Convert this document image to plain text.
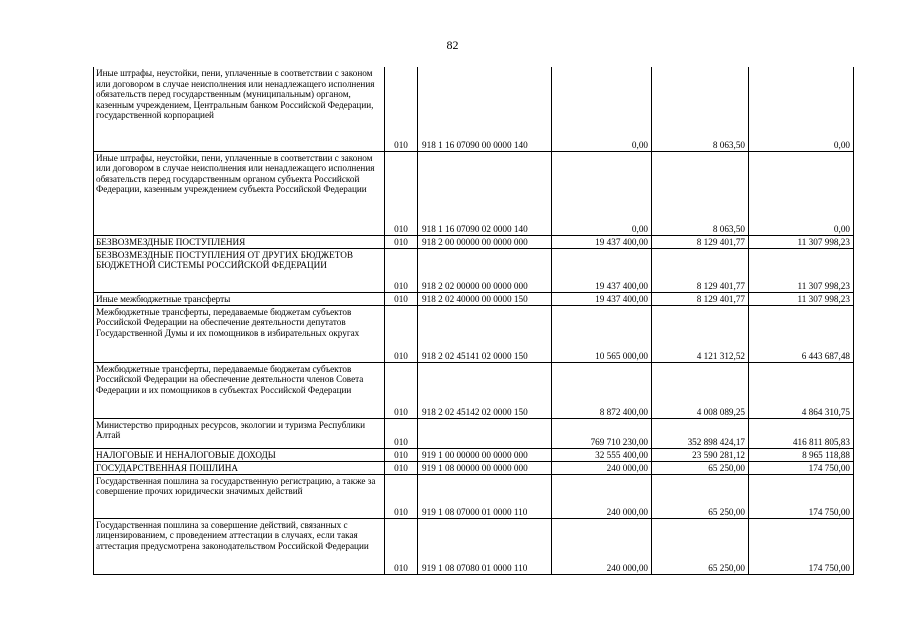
82
Иные штрафы, неустойки, пени, уплаченные в соответствии с законом или договором в случае неисполнения или ненадлежащего исполнения обязательств перед государственным (муниципальным) органом, казенным учреждением, Центральным банком Российской Федерации, государственной корпорацией	010	918 1 16 07090 00 0000 140	0,00	8 063,50	0,00
Иные штрафы, неустойки, пени, уплаченные в соответствии с законом или договором в случае неисполнения или ненадлежащего исполнения обязательств перед государственным органом субъекта Российской Федерации, казенным учреждением субъекта Российской Федерации	010	918 1 16 07090 02 0000 140	0,00	8 063,50	0,00
БЕЗВОЗМЕЗДНЫЕ ПОСТУПЛЕНИЯ	010	918 2 00 00000 00 0000 000	19 437 400,00	8 129 401,77	11 307 998,23
БЕЗВОЗМЕЗДНЫЕ ПОСТУПЛЕНИЯ ОТ ДРУГИХ БЮДЖЕТОВ БЮДЖЕТНОЙ СИСТЕМЫ РОССИЙСКОЙ ФЕДЕРАЦИИ	010	918 2 02 00000 00 0000 000	19 437 400,00	8 129 401,77	11 307 998,23
Иные межбюджетные трансферты	010	918 2 02 40000 00 0000 150	19 437 400,00	8 129 401,77	11 307 998,23
Межбюджетные трансферты, передаваемые бюджетам субъектов Российской Федерации на обеспечение деятельности депутатов Государственной Думы и их помощников в избирательных округах	010	918 2 02 45141 02 0000 150	10 565 000,00	4 121 312,52	6 443 687,48
Межбюджетные трансферты, передаваемые бюджетам субъектов Российской Федерации на обеспечение деятельности членов Совета Федерации и их помощников в субъектах Российской Федерации	010	918 2 02 45142 02 0000 150	8 872 400,00	4 008 089,25	4 864 310,75
Министерство природных ресурсов, экологии и туризма Республики Алтай	010		769 710 230,00	352 898 424,17	416 811 805,83
НАЛОГОВЫЕ И НЕНАЛОГОВЫЕ ДОХОДЫ	010	919 1 00 00000 00 0000 000	32 555 400,00	23 590 281,12	8 965 118,88
ГОСУДАРСТВЕННАЯ ПОШЛИНА	010	919 1 08 00000 00 0000 000	240 000,00	65 250,00	174 750,00
Государственная пошлина за государственную регистрацию, а также за совершение прочих юридически значимых действий	010	919 1 08 07000 01 0000 110	240 000,00	65 250,00	174 750,00
Государственная пошлина за совершение действий, связанных с лицензированием, с проведением аттестации в случаях, если такая аттестация предусмотрена законодательством Российской Федерации	010	919 1 08 07080 01 0000 110	240 000,00	65 250,00	174 750,00
